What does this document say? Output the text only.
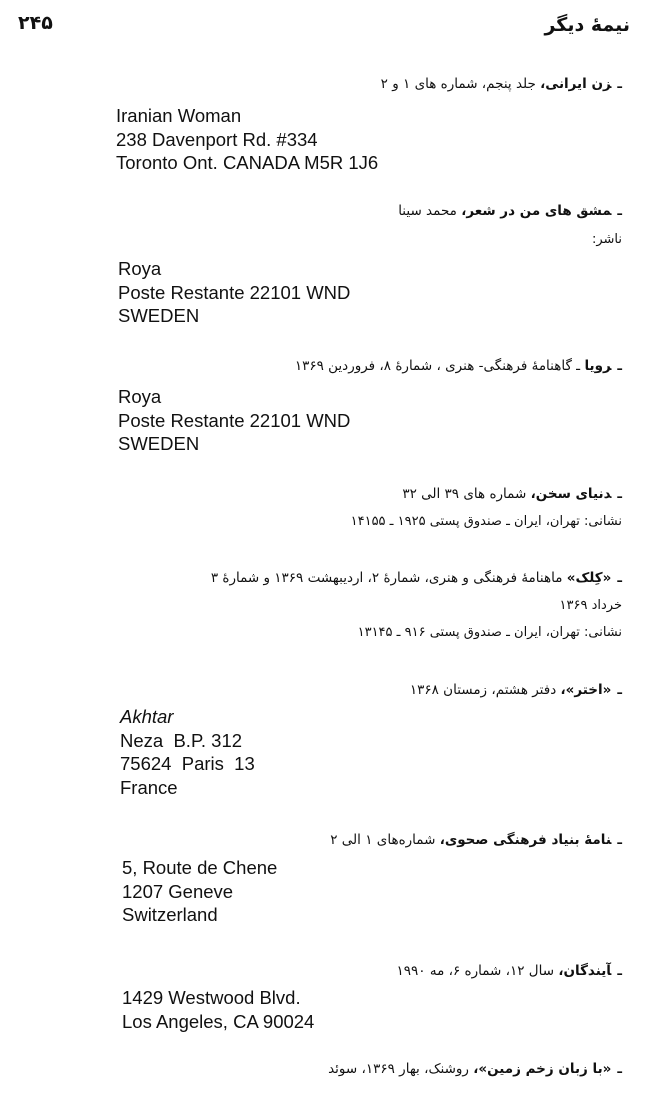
۲۴۵	نیمهٔ دیگر
ـزن ایرانی، جلد پنجم، شماره های ۱ و ۲
Iranian Woman
238 Davenport Rd. #334
Toronto Ont. CANADA M5R 1J6
ـمشق های من در شعر، محمد سینا
ناشر:
Roya
Poste Restante 22101 WND
SWEDEN
ـرویا ـ گاهنامهٔ فرهنگی- هنری ، شمارهٔ ۸، فروردین ۱۳۶۹
Roya
Poste Restante 22101 WND
SWEDEN
ـدنیای سخن، شماره های ۳۹ الی ۳۲
نشانی: تهران، ایران ـ صندوق پستی ۱۹۲۵ ـ ۱۴۱۵۵
ـ«کِلک» ماهنامهٔ فرهنگی و هنری، شمارهٔ ۲، اردیبهشت ۱۳۶۹ و شمارهٔ ۳
خرداد ۱۳۶۹
نشانی: تهران، ایران ـ صندوق پستی ۹۱۶ ـ ۱۳۱۴۵
ـ«اختر»، دفتر هشتم، زمستان ۱۳۶۸
Akhtar
Neza  B.P. 312
75624  Paris  13
France
ـنامهٔ بنیاد فرهنگی صحوی، شماره‌های ۱ الی ۲
5, Route de Chene
1207 Geneve
Switzerland
ـآیندگان، سال ۱۲، شماره ۶، مه ۱۹۹۰
1429 Westwood Blvd.
Los Angeles, CA 90024
ـ«با زبان زخم زمین»، روشنک، بهار ۱۳۶۹، سوئد
